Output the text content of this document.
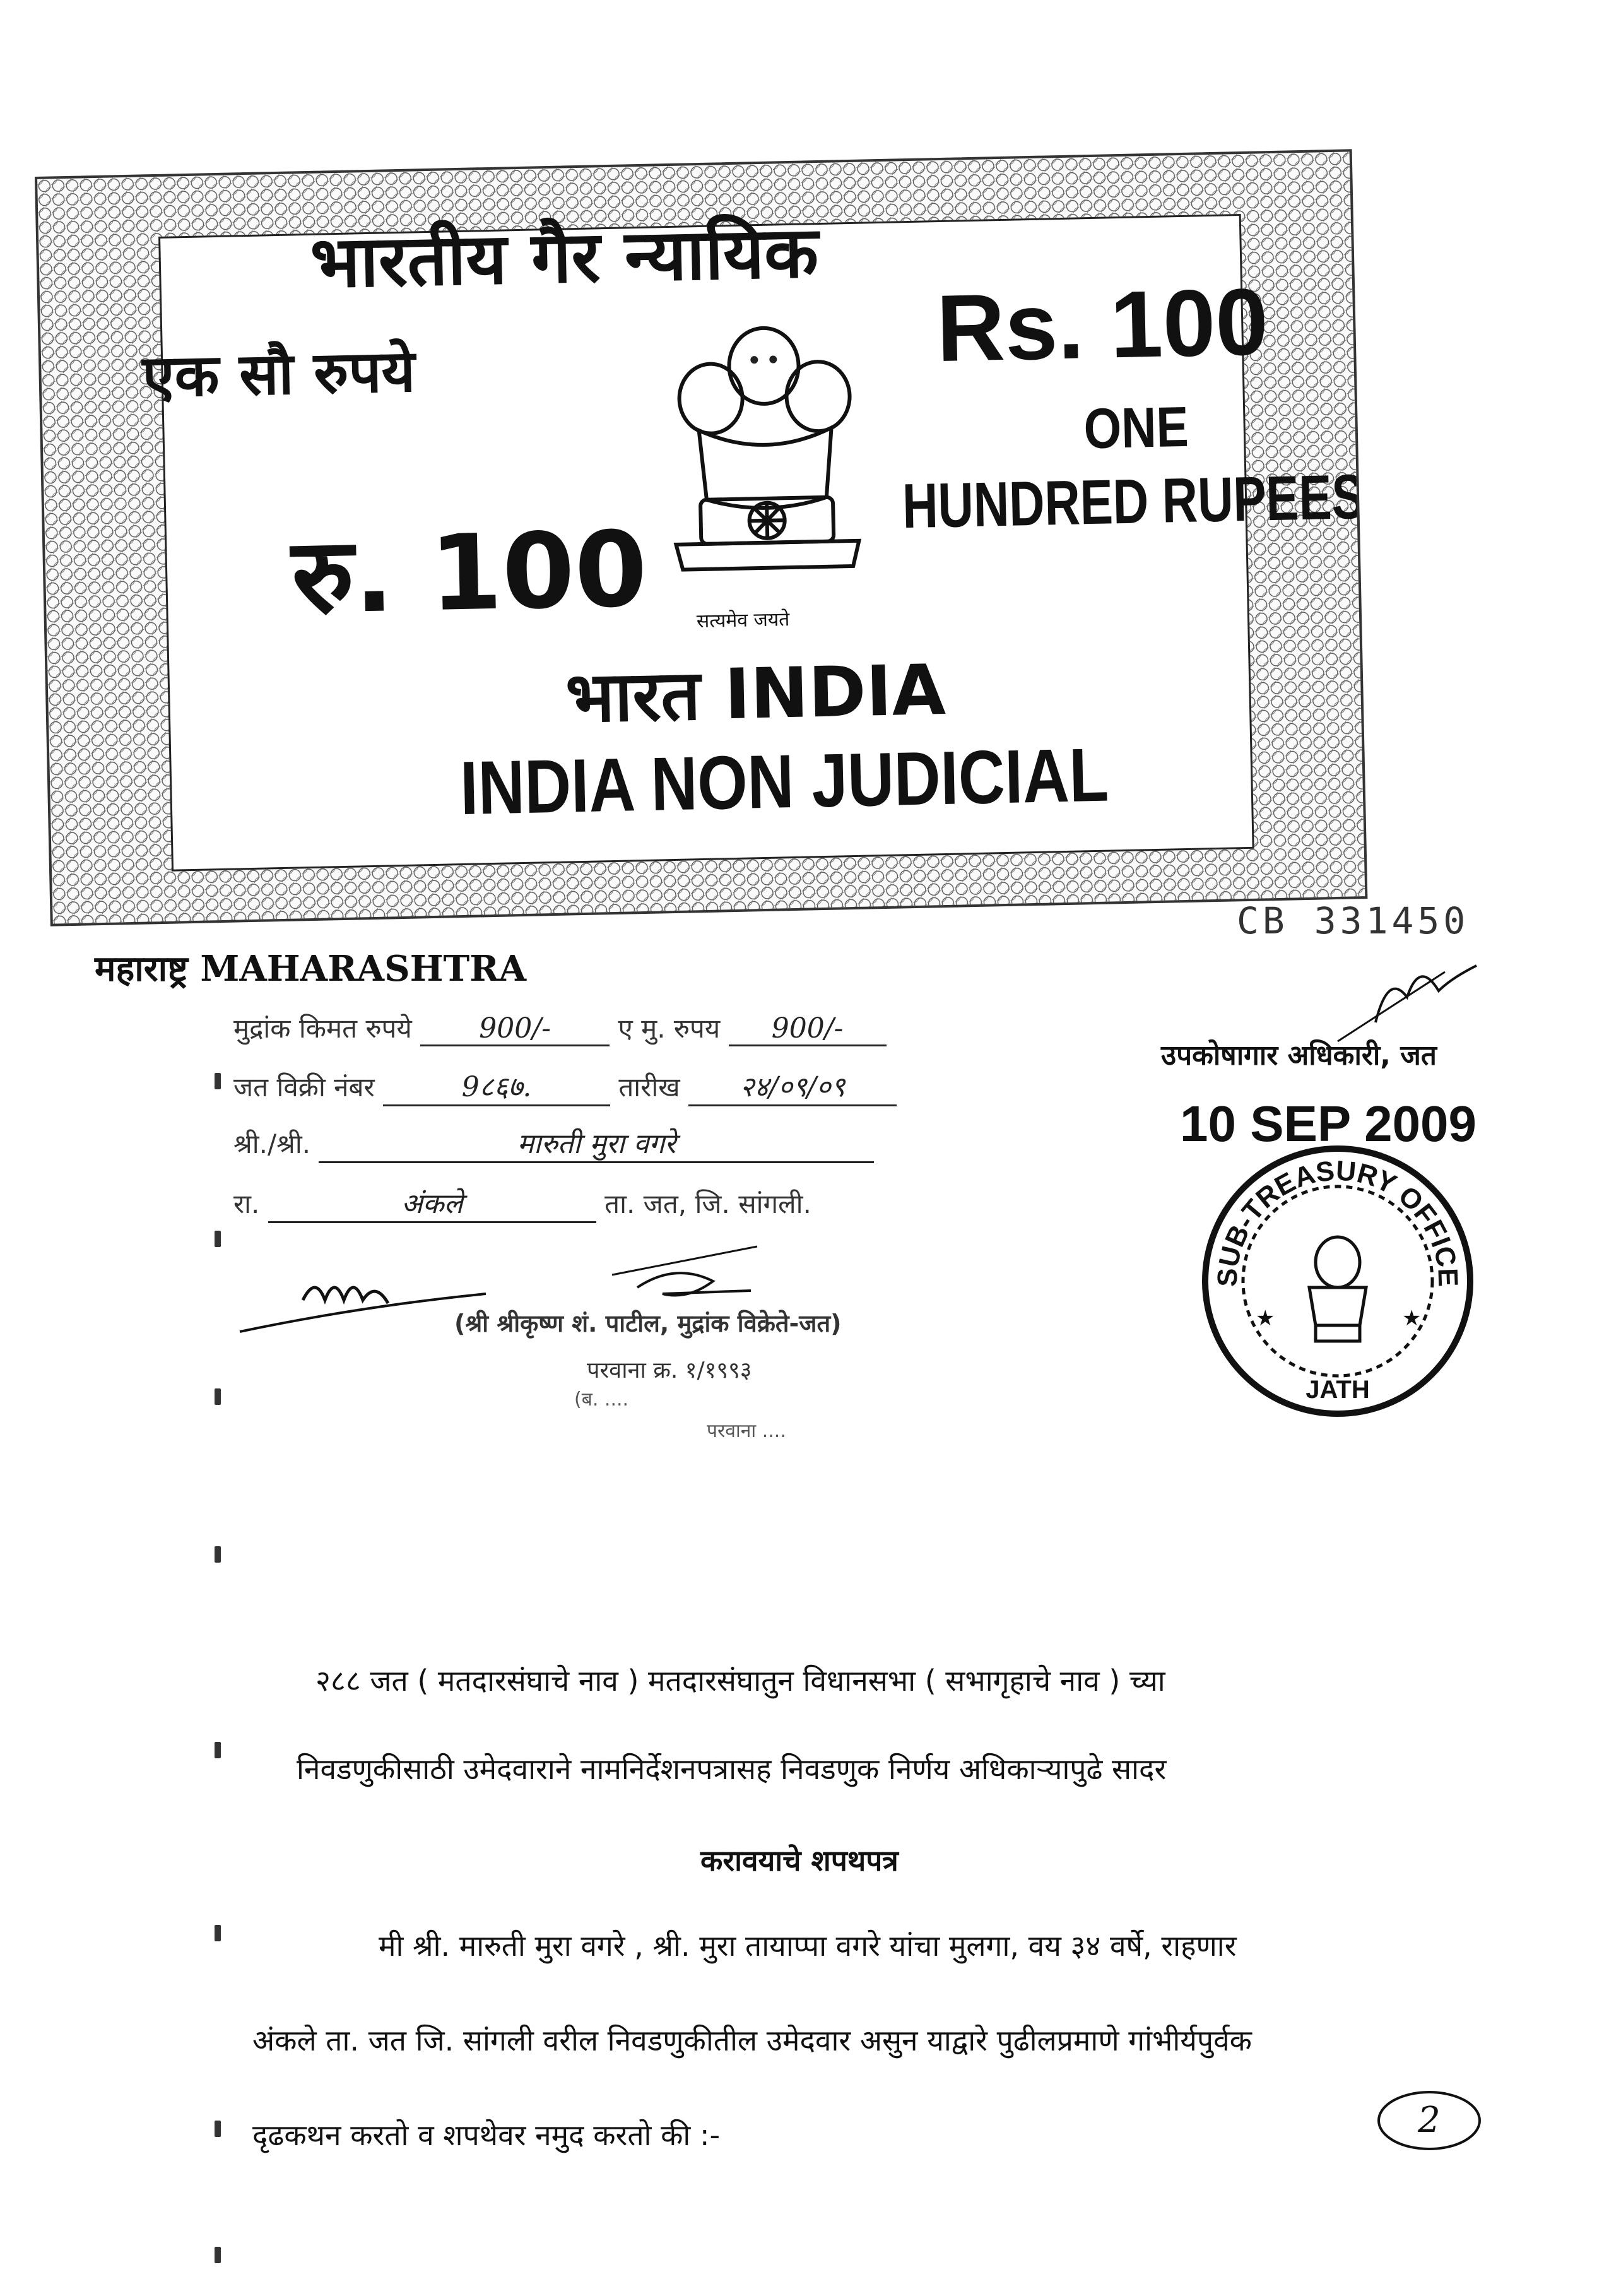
भारतीय गैर न्यायिक
एक सौ रुपये	Rs. 100
ONE
HUNDRED RUPEES
रु. 100	सत्यमेव जयते
भारत INDIA
INDIA NON JUDICIAL
CB 331450
महाराष्ट्र MAHARASHTRA
मुद्रांक किमत रुपये 900/-	ए मु. रुपय 900/-
जत विक्री नंबर	9८६७.	तारीख २४/०९/०९
श्री./श्री.	मारुती मुरा वगरे
रा.	अंकले	ता. जत, जि. सांगली.
(श्री श्रीकृष्ण शं. पाटील, मुद्रांक विक्रेते-जत)
परवाना क्र. १/१९९३
(ब. ....
परवाना ....
उपकोषागार अधिकारी, जत
10 SEP 2009
SUB-TREASURY OFFICE
JATH
★	★
२८८ जत ( मतदारसंघाचे नाव ) मतदारसंघातुन विधानसभा ( सभागृहाचे नाव ) च्या
निवडणुकीसाठी उमेदवाराने नामनिर्देशनपत्रासह निवडणुक निर्णय अधिकाऱ्यापुढे सादर
करावयाचे शपथपत्र
मी श्री. मारुती मुरा वगरे , श्री. मुरा तायाप्पा वगरे यांचा मुलगा, वय ३४ वर्षे, राहणार
अंकले ता. जत जि. सांगली वरील निवडणुकीतील उमेदवार असुन याद्वारे पुढीलप्रमाणे गांभीर्यपुर्वक
दृढकथन करतो व शपथेवर नमुद करतो की :-	2
